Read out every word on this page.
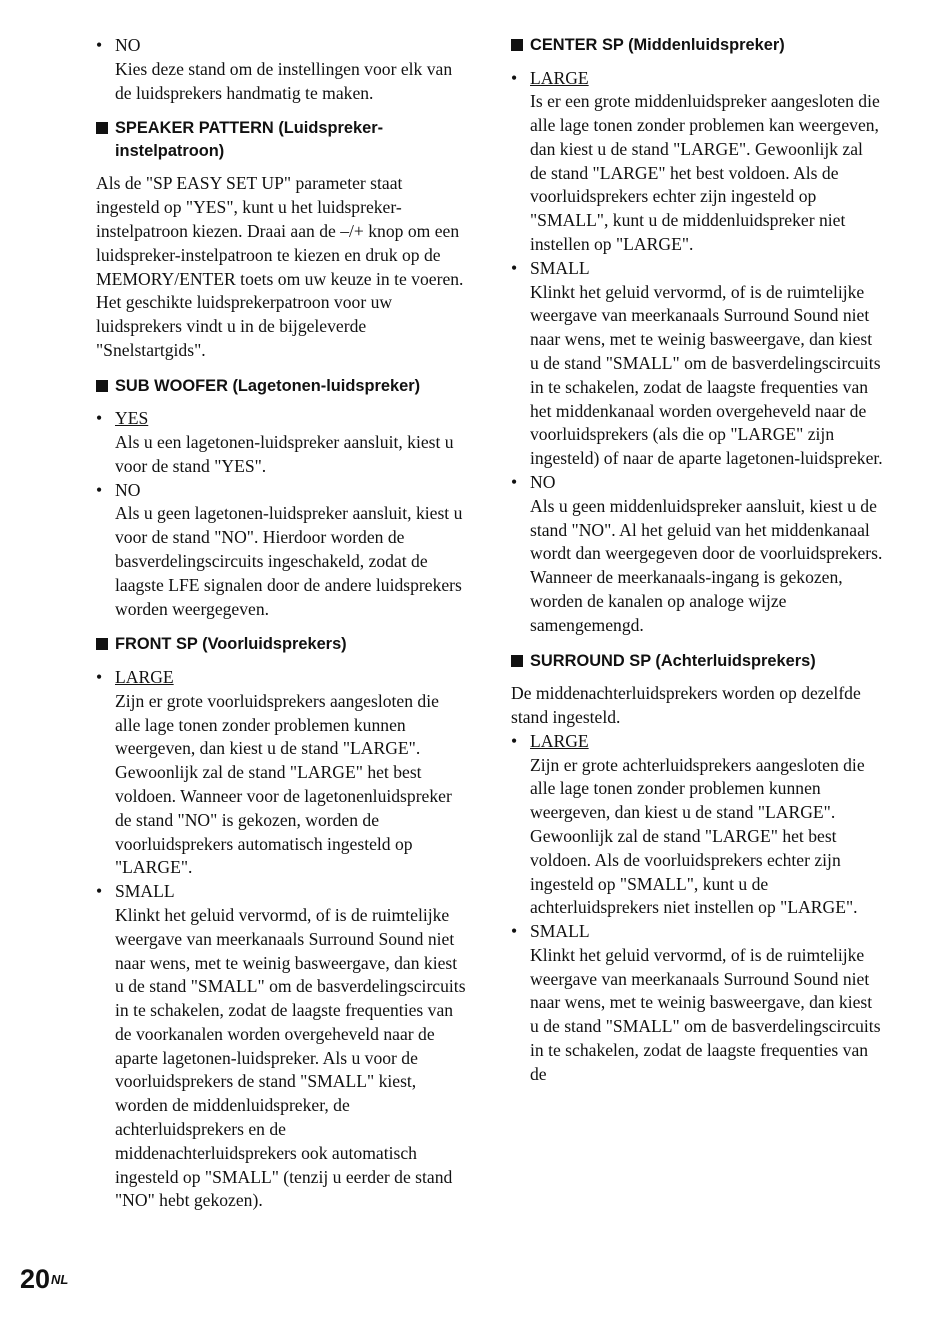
• NO

Kies deze stand om de instellingen voor elk van de luidsprekers handmatig te maken.

SPEAKER PATTERN (Luidspreker-instelpatroon)

Als de "SP EASY SET UP" parameter staat ingesteld op "YES", kunt u het luidspreker-instelpatroon kiezen. Draai aan de –/+ knop om een luidspreker-instelpatroon te kiezen en druk op de MEMORY/ENTER toets om uw keuze in te voeren. Het geschikte luidsprekerpatroon voor uw luidsprekers vindt u in de bijgeleverde "Snelstartgids".

SUB WOOFER (Lagetonen-luidspreker)
• YES

Als u een lagetonen-luidspreker aansluit, kiest u voor de stand "YES".

• NO

Als u geen lagetonen-luidspreker aansluit, kiest u voor de stand "NO". Hierdoor worden de basverdelingscircuits ingeschakeld, zodat de laagste LFE signalen door de andere luidsprekers worden weergegeven.

FRONT SP (Voorluidsprekers)
• LARGE

Zijn er grote voorluidsprekers aangesloten die alle lage tonen zonder problemen kunnen weergeven, dan kiest u de stand "LARGE". Gewoonlijk zal de stand "LARGE" het best voldoen. Wanneer voor de lagetonenluidspreker de stand "NO" is gekozen, worden de voorluidsprekers automatisch ingesteld op "LARGE".

• SMALL

Klinkt het geluid vervormd, of is de ruimtelijke weergave van meerkanaals Surround Sound niet naar wens, met te weinig basweergave, dan kiest u de stand "SMALL" om de basverdelingscircuits in te schakelen, zodat de laagste frequenties van de voorkanalen worden overgeheveld naar de aparte lagetonen-luidspreker. Als u voor de voorluidsprekers de stand "SMALL" kiest, worden de middenluidspreker, de achterluidsprekers en de middenachterluidsprekers ook automatisch ingesteld op "SMALL" (tenzij u eerder de stand "NO" hebt gekozen).

CENTER SP (Middenluidspreker)
• LARGE

Is er een grote middenluidspreker aangesloten die alle lage tonen zonder problemen kan weergeven, dan kiest u de stand "LARGE". Gewoonlijk zal de stand "LARGE" het best voldoen. Als de voorluidsprekers echter zijn ingesteld op "SMALL", kunt u de middenluidspreker niet instellen op "LARGE".

• SMALL

Klinkt het geluid vervormd, of is de ruimtelijke weergave van meerkanaals Surround Sound niet naar wens, met te weinig basweergave, dan kiest u de stand "SMALL" om de basverdelingscircuits in te schakelen, zodat de laagste frequenties van het middenkanaal worden overgeheveld naar de voorluidsprekers (als die op "LARGE" zijn ingesteld) of naar de aparte lagetonen-luidspreker.

• NO

Als u geen middenluidspreker aansluit, kiest u de stand "NO". Al het geluid van het middenkanaal wordt dan weergegeven door de voorluidsprekers.

Wanneer de meerkanaals-ingang is gekozen, worden de kanalen op analoge wijze samengemengd.

SURROUND SP (Achterluidsprekers)

De middenachterluidsprekers worden op dezelfde stand ingesteld.

• LARGE

Zijn er grote achterluidsprekers aangesloten die alle lage tonen zonder problemen kunnen weergeven, dan kiest u de stand "LARGE". Gewoonlijk zal de stand "LARGE" het best voldoen. Als de voorluidsprekers echter zijn ingesteld op "SMALL", kunt u de achterluidsprekers niet instellen op "LARGE".

• SMALL

Klinkt het geluid vervormd, of is de ruimtelijke weergave van meerkanaals Surround Sound niet naar wens, met te weinig basweergave, dan kiest u de stand "SMALL" om de basverdelingscircuits in te schakelen, zodat de laagste frequenties van de

$20^{NL}$
